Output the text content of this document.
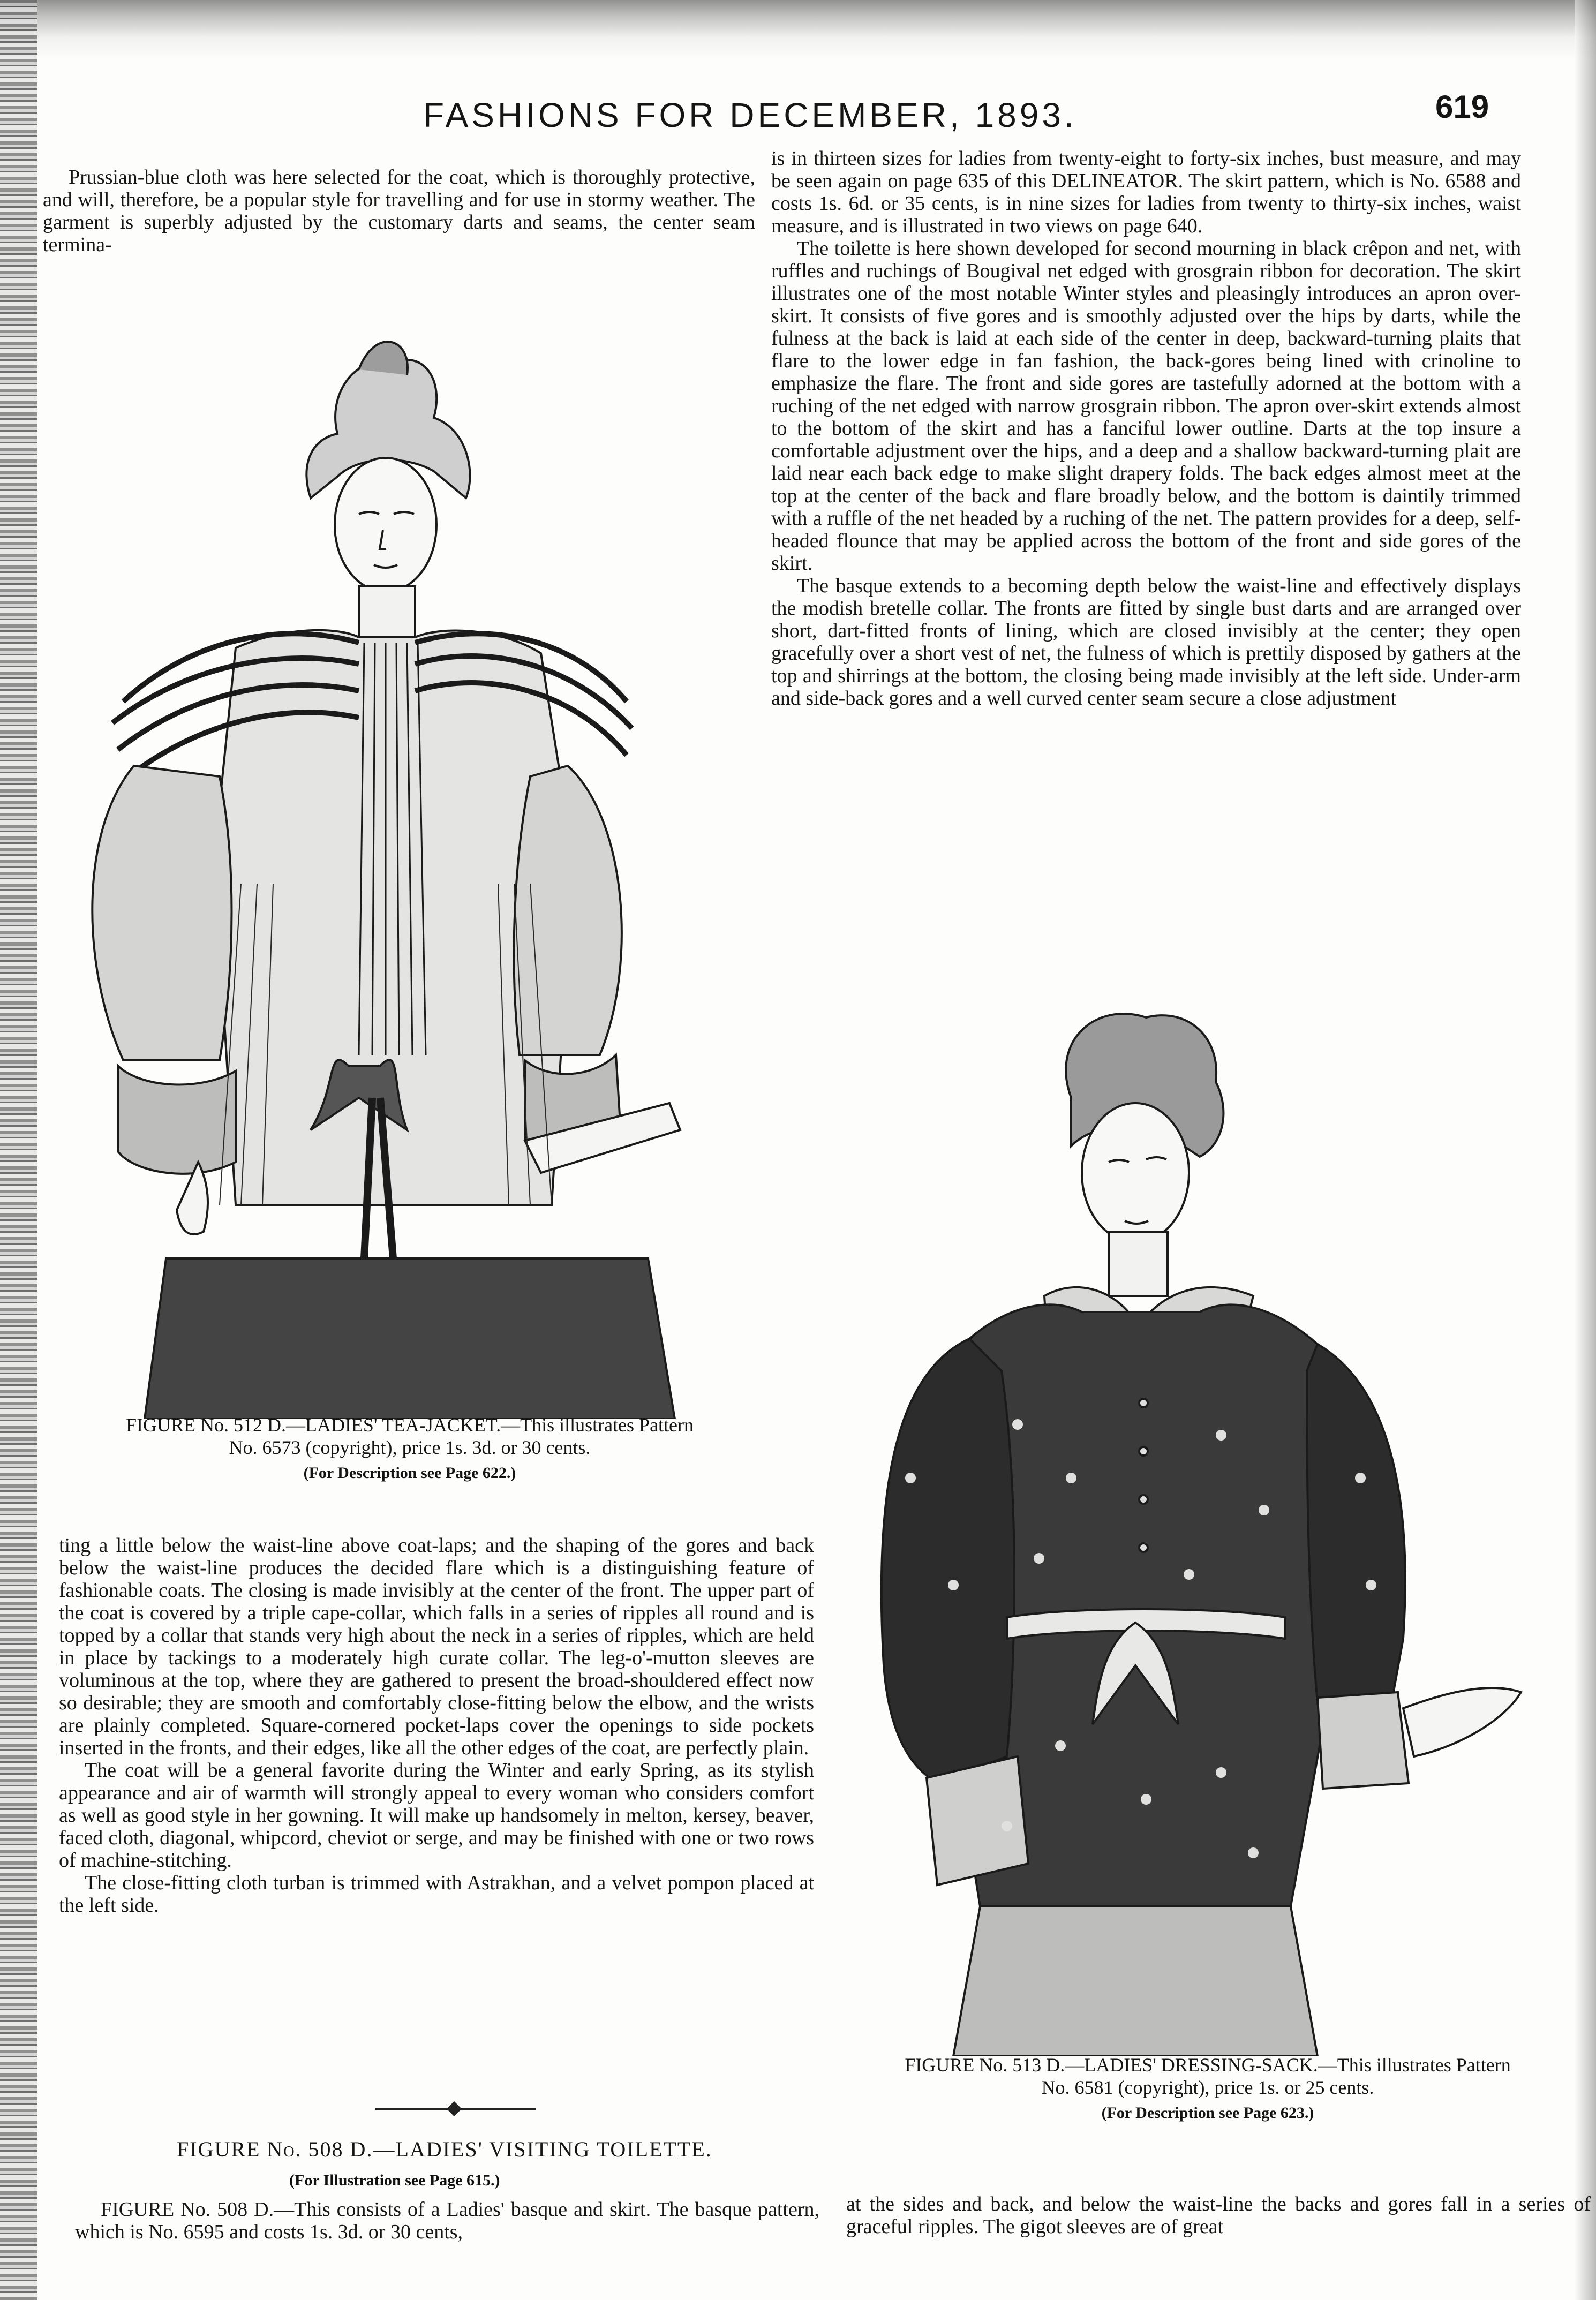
FASHIONS FOR DECEMBER, 1893.	619

Prussian-blue cloth was here selected for the coat, which is thoroughly protective, and will, therefore, be a popular style for travelling and for use in stormy weather. The garment is superbly adjusted by the customary darts and seams, the center seam termina-

is in thirteen sizes for ladies from twenty-eight to forty-six inches, bust measure, and may be seen again on page 635 of this DELINEATOR. The skirt pattern, which is No. 6588 and costs 1s. 6d. or 35 cents, is in nine sizes for ladies from twenty to thirty-six inches, waist measure, and is illustrated in two views on page 640.

The toilette is here shown developed for second mourning in black crêpon and net, with ruffles and ruchings of Bougival net edged with grosgrain ribbon for decoration. The skirt illustrates one of the most notable Winter styles and pleasingly introduces an apron over-skirt. It consists of five gores and is smoothly adjusted over the hips by darts, while the fulness at the back is laid at each side of the center in deep, backward-turning plaits that flare to the lower edge in fan fashion, the back-gores being lined with crinoline to emphasize the flare. The front and side gores are tastefully adorned at the bottom with a ruching of the net edged with narrow grosgrain ribbon. The apron over-skirt extends almost to the bottom of the skirt and has a fanciful lower outline. Darts at the top insure a comfortable adjustment over the hips, and a deep and a shallow backward-turning plait are laid near each back edge to make slight drapery folds. The back edges almost meet at the top at the center of the back and flare broadly below, and the bottom is daintily trimmed with a ruffle of the net headed by a ruching of the net. The pattern provides for a deep, self-headed flounce that may be applied across the bottom of the front and side gores of the skirt.

The basque extends to a becoming depth below the waist-line and effectively displays the modish bretelle collar. The fronts are fitted by single bust darts and are arranged over short, dart-fitted fronts of lining, which are closed invisibly at the center; they open gracefully over a short vest of net, the fulness of which is prettily disposed by gathers at the top and shirrings at the bottom, the closing being made invisibly at the left side. Under-arm and side-back gores and a well curved center seam secure a close adjustment

FIGURE No. 512 D.—LADIES' TEA-JACKET.—This illustrates Pattern
No. 6573 (copyright), price 1s. 3d. or 30 cents.
(For Description see Page 622.)

ting a little below the waist-line above coat-laps; and the shaping of the gores and back below the waist-line produces the decided flare which is a distinguishing feature of fashionable coats. The closing is made invisibly at the center of the front. The upper part of the coat is covered by a triple cape-collar, which falls in a series of ripples all round and is topped by a collar that stands very high about the neck in a series of ripples, which are held in place by tackings to a moderately high curate collar. The leg-o'-mutton sleeves are voluminous at the top, where they are gathered to present the broad-shouldered effect now so desirable; they are smooth and comfortably close-fitting below the elbow, and the wrists are plainly completed. Square-cornered pocket-laps cover the openings to side pockets inserted in the fronts, and their edges, like all the other edges of the coat, are perfectly plain.

The coat will be a general favorite during the Winter and early Spring, as its stylish appearance and air of warmth will strongly appeal to every woman who considers comfort as well as good style in her gowning. It will make up handsomely in melton, kersey, beaver, faced cloth, diagonal, whipcord, cheviot or serge, and may be finished with one or two rows of machine-stitching.

The close-fitting cloth turban is trimmed with Astrakhan, and a velvet pompon placed at the left side.

FIGURE No. 508 D.—LADIES' VISITING TOILETTE.
(For Illustration see Page 615.)

FIGURE No. 508 D.—This consists of a Ladies' basque and skirt. The basque pattern, which is No. 6595 and costs 1s. 3d. or 30 cents,

FIGURE No. 513 D.—LADIES' DRESSING-SACK.—This illustrates Pattern
No. 6581 (copyright), price 1s. or 25 cents.
(For Description see Page 623.)

at the sides and back, and below the waist-line the backs and gores fall in a series of graceful ripples. The gigot sleeves are of great
